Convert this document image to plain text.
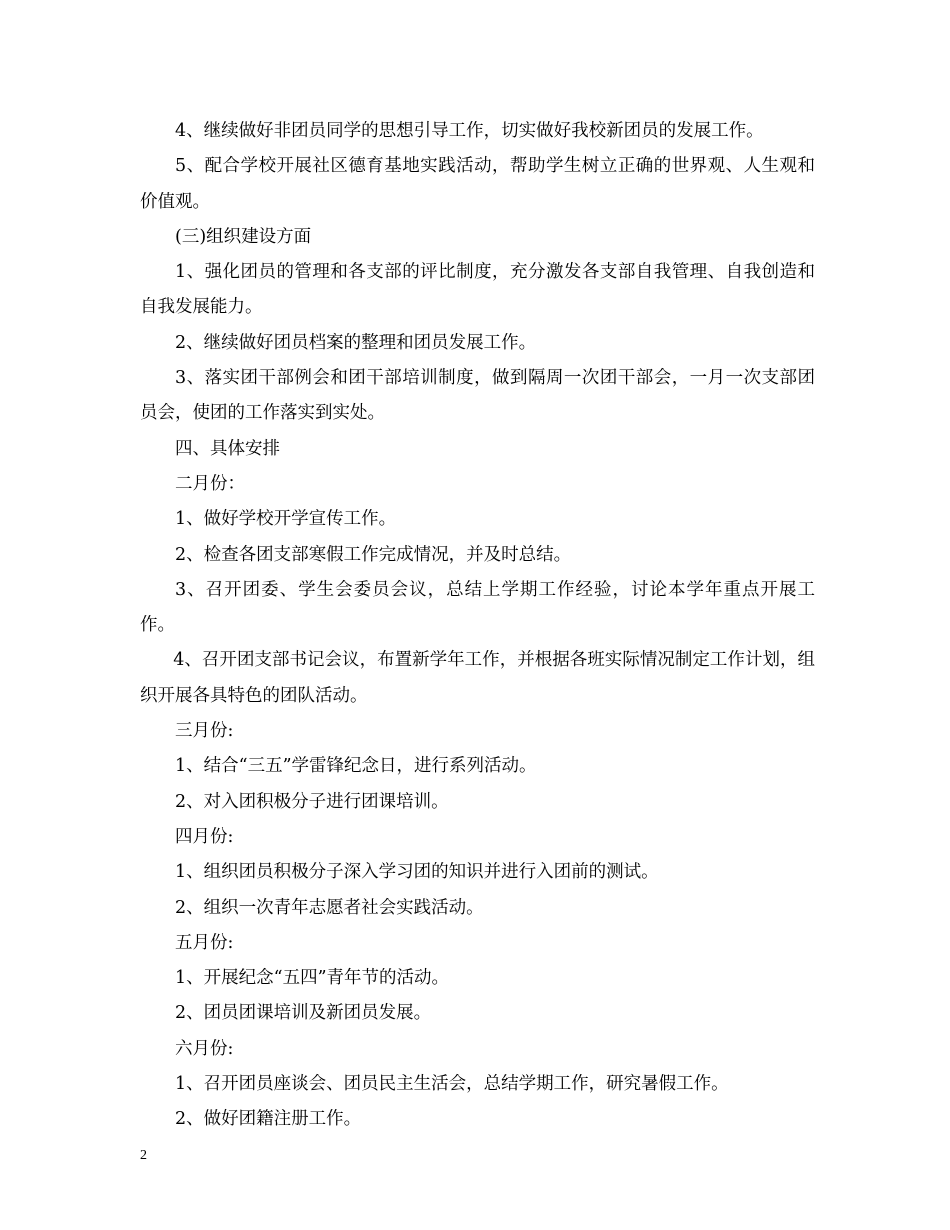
4、继续做好非团员同学的思想引导工作，切实做好我校新团员的发展工作。

5、配合学校开展社区德育基地实践活动，帮助学生树立正确的世界观、人生观和价值观。

(三)组织建设方面

1、强化团员的管理和各支部的评比制度，充分激发各支部自我管理、自我创造和自我发展能力。

2、继续做好团员档案的整理和团员发展工作。

3、落实团干部例会和团干部培训制度，做到隔周一次团干部会，一月一次支部团员会，使团的工作落实到实处。

四、具体安排

二月份：

1、做好学校开学宣传工作。

2、检查各团支部寒假工作完成情况，并及时总结。

3、召开团委、学生会委员会议，总结上学期工作经验，讨论本学年重点开展工作。

4、召开团支部书记会议，布置新学年工作，并根据各班实际情况制定工作计划，组织开展各具特色的团队活动。

三月份:

1、结合“三五”学雷锋纪念日，进行系列活动。

2、对入团积极分子进行团课培训。

四月份:

1、组织团员积极分子深入学习团的知识并进行入团前的测试。

2、组织一次青年志愿者社会实践活动。

五月份:

1、开展纪念“五四”青年节的活动。

2、团员团课培训及新团员发展。

六月份:

1、召开团员座谈会、团员民主生活会，总结学期工作，研究暑假工作。

2、做好团籍注册工作。

2
